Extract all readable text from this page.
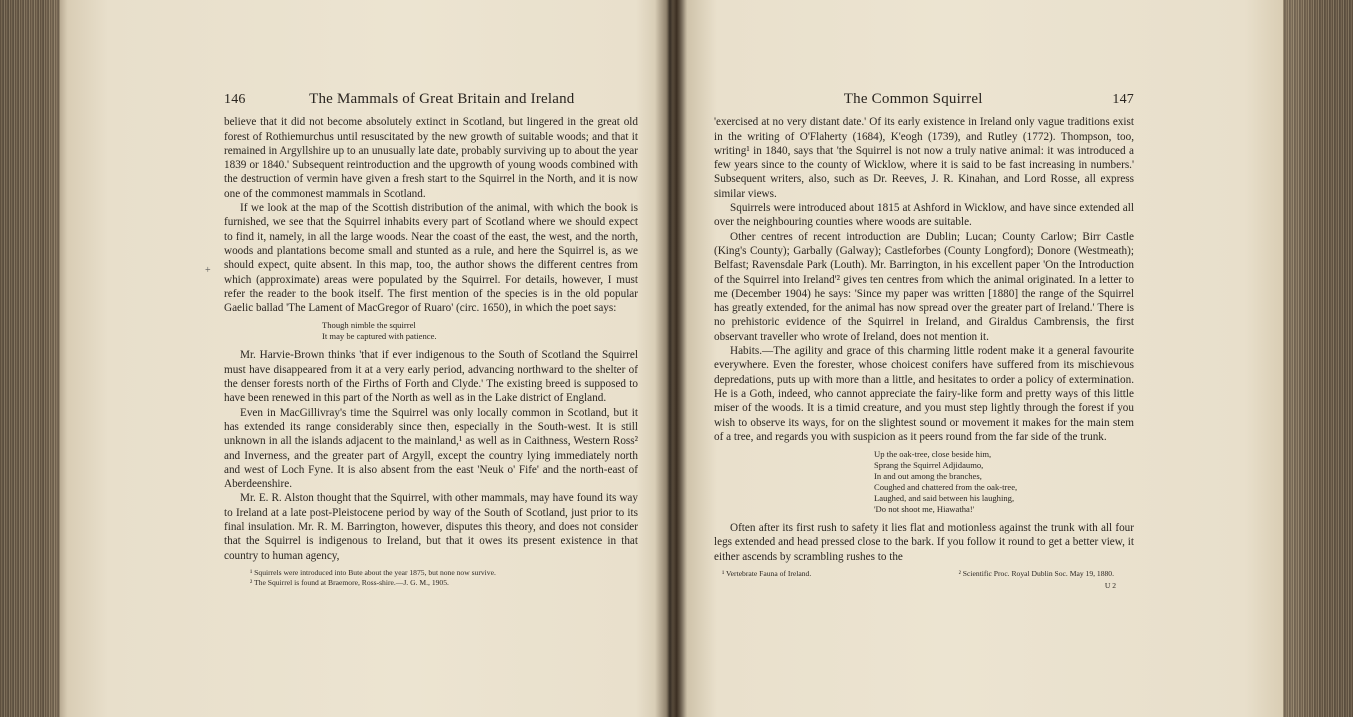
+
146	The Mammals of Great Britain and Ireland

believe that it did not become absolutely extinct in Scotland, but lingered in the great old forest of Rothiemurchus until resuscitated by the new growth of suitable woods; and that it remained in Argyllshire up to an unusually late date, probably surviving up to about the year 1839 or 1840.' Subsequent reintroduction and the upgrowth of young woods combined with the destruction of vermin have given a fresh start to the Squirrel in the North, and it is now one of the commonest mammals in Scotland.

If we look at the map of the Scottish distribution of the animal, with which the book is furnished, we see that the Squirrel inhabits every part of Scotland where we should expect to find it, namely, in all the large woods. Near the coast of the east, the west, and the north, woods and plantations become small and stunted as a rule, and here the Squirrel is, as we should expect, quite absent. In this map, too, the author shows the different centres from which (approximate) areas were populated by the Squirrel. For details, however, I must refer the reader to the book itself. The first mention of the species is in the old popular Gaelic ballad 'The Lament of MacGregor of Ruaro' (circ. 1650), in which the poet says:

Though nimble the squirrel
It may be captured with patience.

Mr. Harvie-Brown thinks 'that if ever indigenous to the South of Scotland the Squirrel must have disappeared from it at a very early period, advancing northward to the shelter of the denser forests north of the Firths of Forth and Clyde.' The existing breed is supposed to have been renewed in this part of the North as well as in the Lake district of England.

Even in MacGillivray's time the Squirrel was only locally common in Scotland, but it has extended its range considerably since then, especially in the South-west. It is still unknown in all the islands adjacent to the mainland,¹ as well as in Caithness, Western Ross² and Inverness, and the greater part of Argyll, except the country lying immediately north and west of Loch Fyne. It is also absent from the east 'Neuk o' Fife' and the north-east of Aberdeenshire.

Mr. E. R. Alston thought that the Squirrel, with other mammals, may have found its way to Ireland at a late post-Pleistocene period by way of the South of Scotland, just prior to its final insulation. Mr. R. M. Barrington, however, disputes this theory, and does not consider that the Squirrel is indigenous to Ireland, but that it owes its present existence in that country to human agency,

¹ Squirrels were introduced into Bute about the year 1875, but none now survive.
² The Squirrel is found at Braemore, Ross-shire.—J. G. M., 1905.
The Common Squirrel	147

'exercised at no very distant date.' Of its early existence in Ireland only vague traditions exist in the writing of O'Flaherty (1684), K'eogh (1739), and Rutley (1772). Thompson, too, writing¹ in 1840, says that 'the Squirrel is not now a truly native animal: it was introduced a few years since to the county of Wicklow, where it is said to be fast increasing in numbers.' Subsequent writers, also, such as Dr. Reeves, J. R. Kinahan, and Lord Rosse, all express similar views.

Squirrels were introduced about 1815 at Ashford in Wicklow, and have since extended all over the neighbouring counties where woods are suitable.

Other centres of recent introduction are Dublin; Lucan; County Carlow; Birr Castle (King's County); Garbally (Galway); Castleforbes (County Longford); Donore (Westmeath); Belfast; Ravensdale Park (Louth). Mr. Barrington, in his excellent paper 'On the Introduction of the Squirrel into Ireland'² gives ten centres from which the animal originated. In a letter to me (December 1904) he says: 'Since my paper was written [1880] the range of the Squirrel has greatly extended, for the animal has now spread over the greater part of Ireland.' There is no prehistoric evidence of the Squirrel in Ireland, and Giraldus Cambrensis, the first observant traveller who wrote of Ireland, does not mention it.

Habits.—The agility and grace of this charming little rodent make it a general favourite everywhere. Even the forester, whose choicest conifers have suffered from its mischievous depredations, puts up with more than a little, and hesitates to order a policy of extermination. He is a Goth, indeed, who cannot appreciate the fairy-like form and pretty ways of this little miser of the woods. It is a timid creature, and you must step lightly through the forest if you wish to observe its ways, for on the slightest sound or movement it makes for the main stem of a tree, and regards you with suspicion as it peers round from the far side of the trunk.

Up the oak-tree, close beside him,
Sprang the Squirrel Adjidaumo,
In and out among the branches,
Coughed and chattered from the oak-tree,
Laughed, and said between his laughing,
'Do not shoot me, Hiawatha!'

Often after its first rush to safety it lies flat and motionless against the trunk with all four legs extended and head pressed close to the bark. If you follow it round to get a better view, it either ascends by scrambling rushes to the

¹ Vertebrate Fauna of Ireland.	² Scientific Proc. Royal Dublin Soc. May 19, 1880.
U 2
